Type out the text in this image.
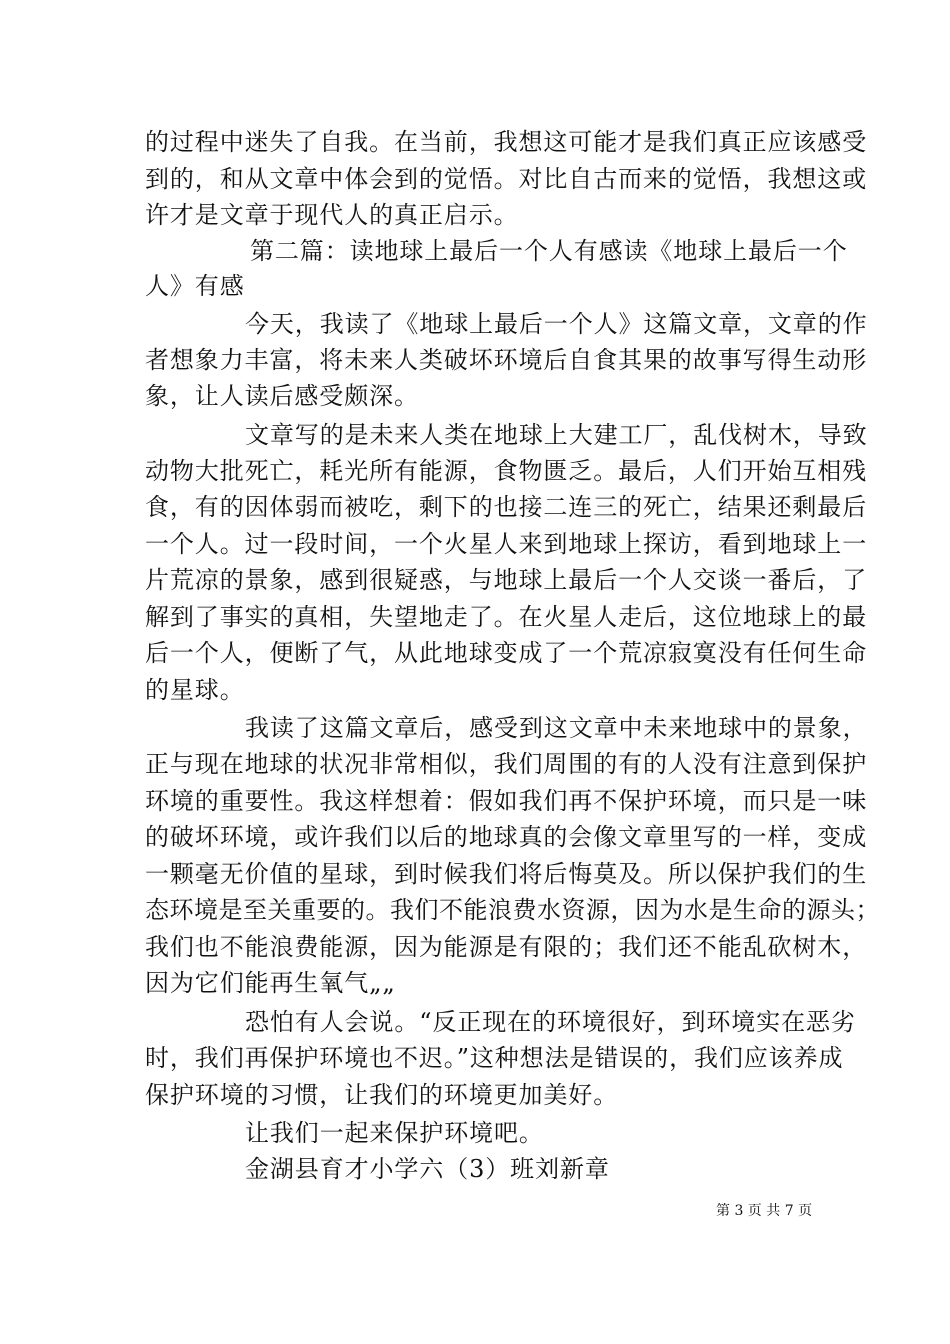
的过程中迷失了自我。在当前，我想这可能才是我们真正应该感受
到的，和从文章中体会到的觉悟。对比自古而来的觉悟，我想这或
许才是文章于现代人的真正启示。
第二篇：读地球上最后一个人有感读《地球上最后一个
人》有感
今天，我读了《地球上最后一个人》这篇文章，文章的作
者想象力丰富，将未来人类破坏环境后自食其果的故事写得生动形
象，让人读后感受颇深。
文章写的是未来人类在地球上大建工厂，乱伐树木，导致
动物大批死亡，耗光所有能源，食物匮乏。最后，人们开始互相残
食，有的因体弱而被吃，剩下的也接二连三的死亡，结果还剩最后
一个人。过一段时间，一个火星人来到地球上探访，看到地球上一
片荒凉的景象，感到很疑惑，与地球上最后一个人交谈一番后，了
解到了事实的真相，失望地走了。在火星人走后，这位地球上的最
后一个人，便断了气，从此地球变成了一个荒凉寂寞没有任何生命
的星球。
我读了这篇文章后，感受到这文章中未来地球中的景象，
正与现在地球的状况非常相似，我们周围的有的人没有注意到保护
环境的重要性。我这样想着：假如我们再不保护环境，而只是一味
的破坏环境，或许我们以后的地球真的会像文章里写的一样，变成
一颗毫无价值的星球，到时候我们将后悔莫及。所以保护我们的生
态环境是至关重要的。我们不能浪费水资源，因为水是生命的源头；
我们也不能浪费能源，因为能源是有限的；我们还不能乱砍树木，
因为它们能再生氧气„„
恐怕有人会说。“反正现在的环境很好，到环境实在恶劣
时，我们再保护环境也不迟。”这种想法是错误的，我们应该养成
保护环境的习惯，让我们的环境更加美好。
让我们一起来保护环境吧。
金湖县育才小学六（3）班刘新章
第 3 页 共 7 页
